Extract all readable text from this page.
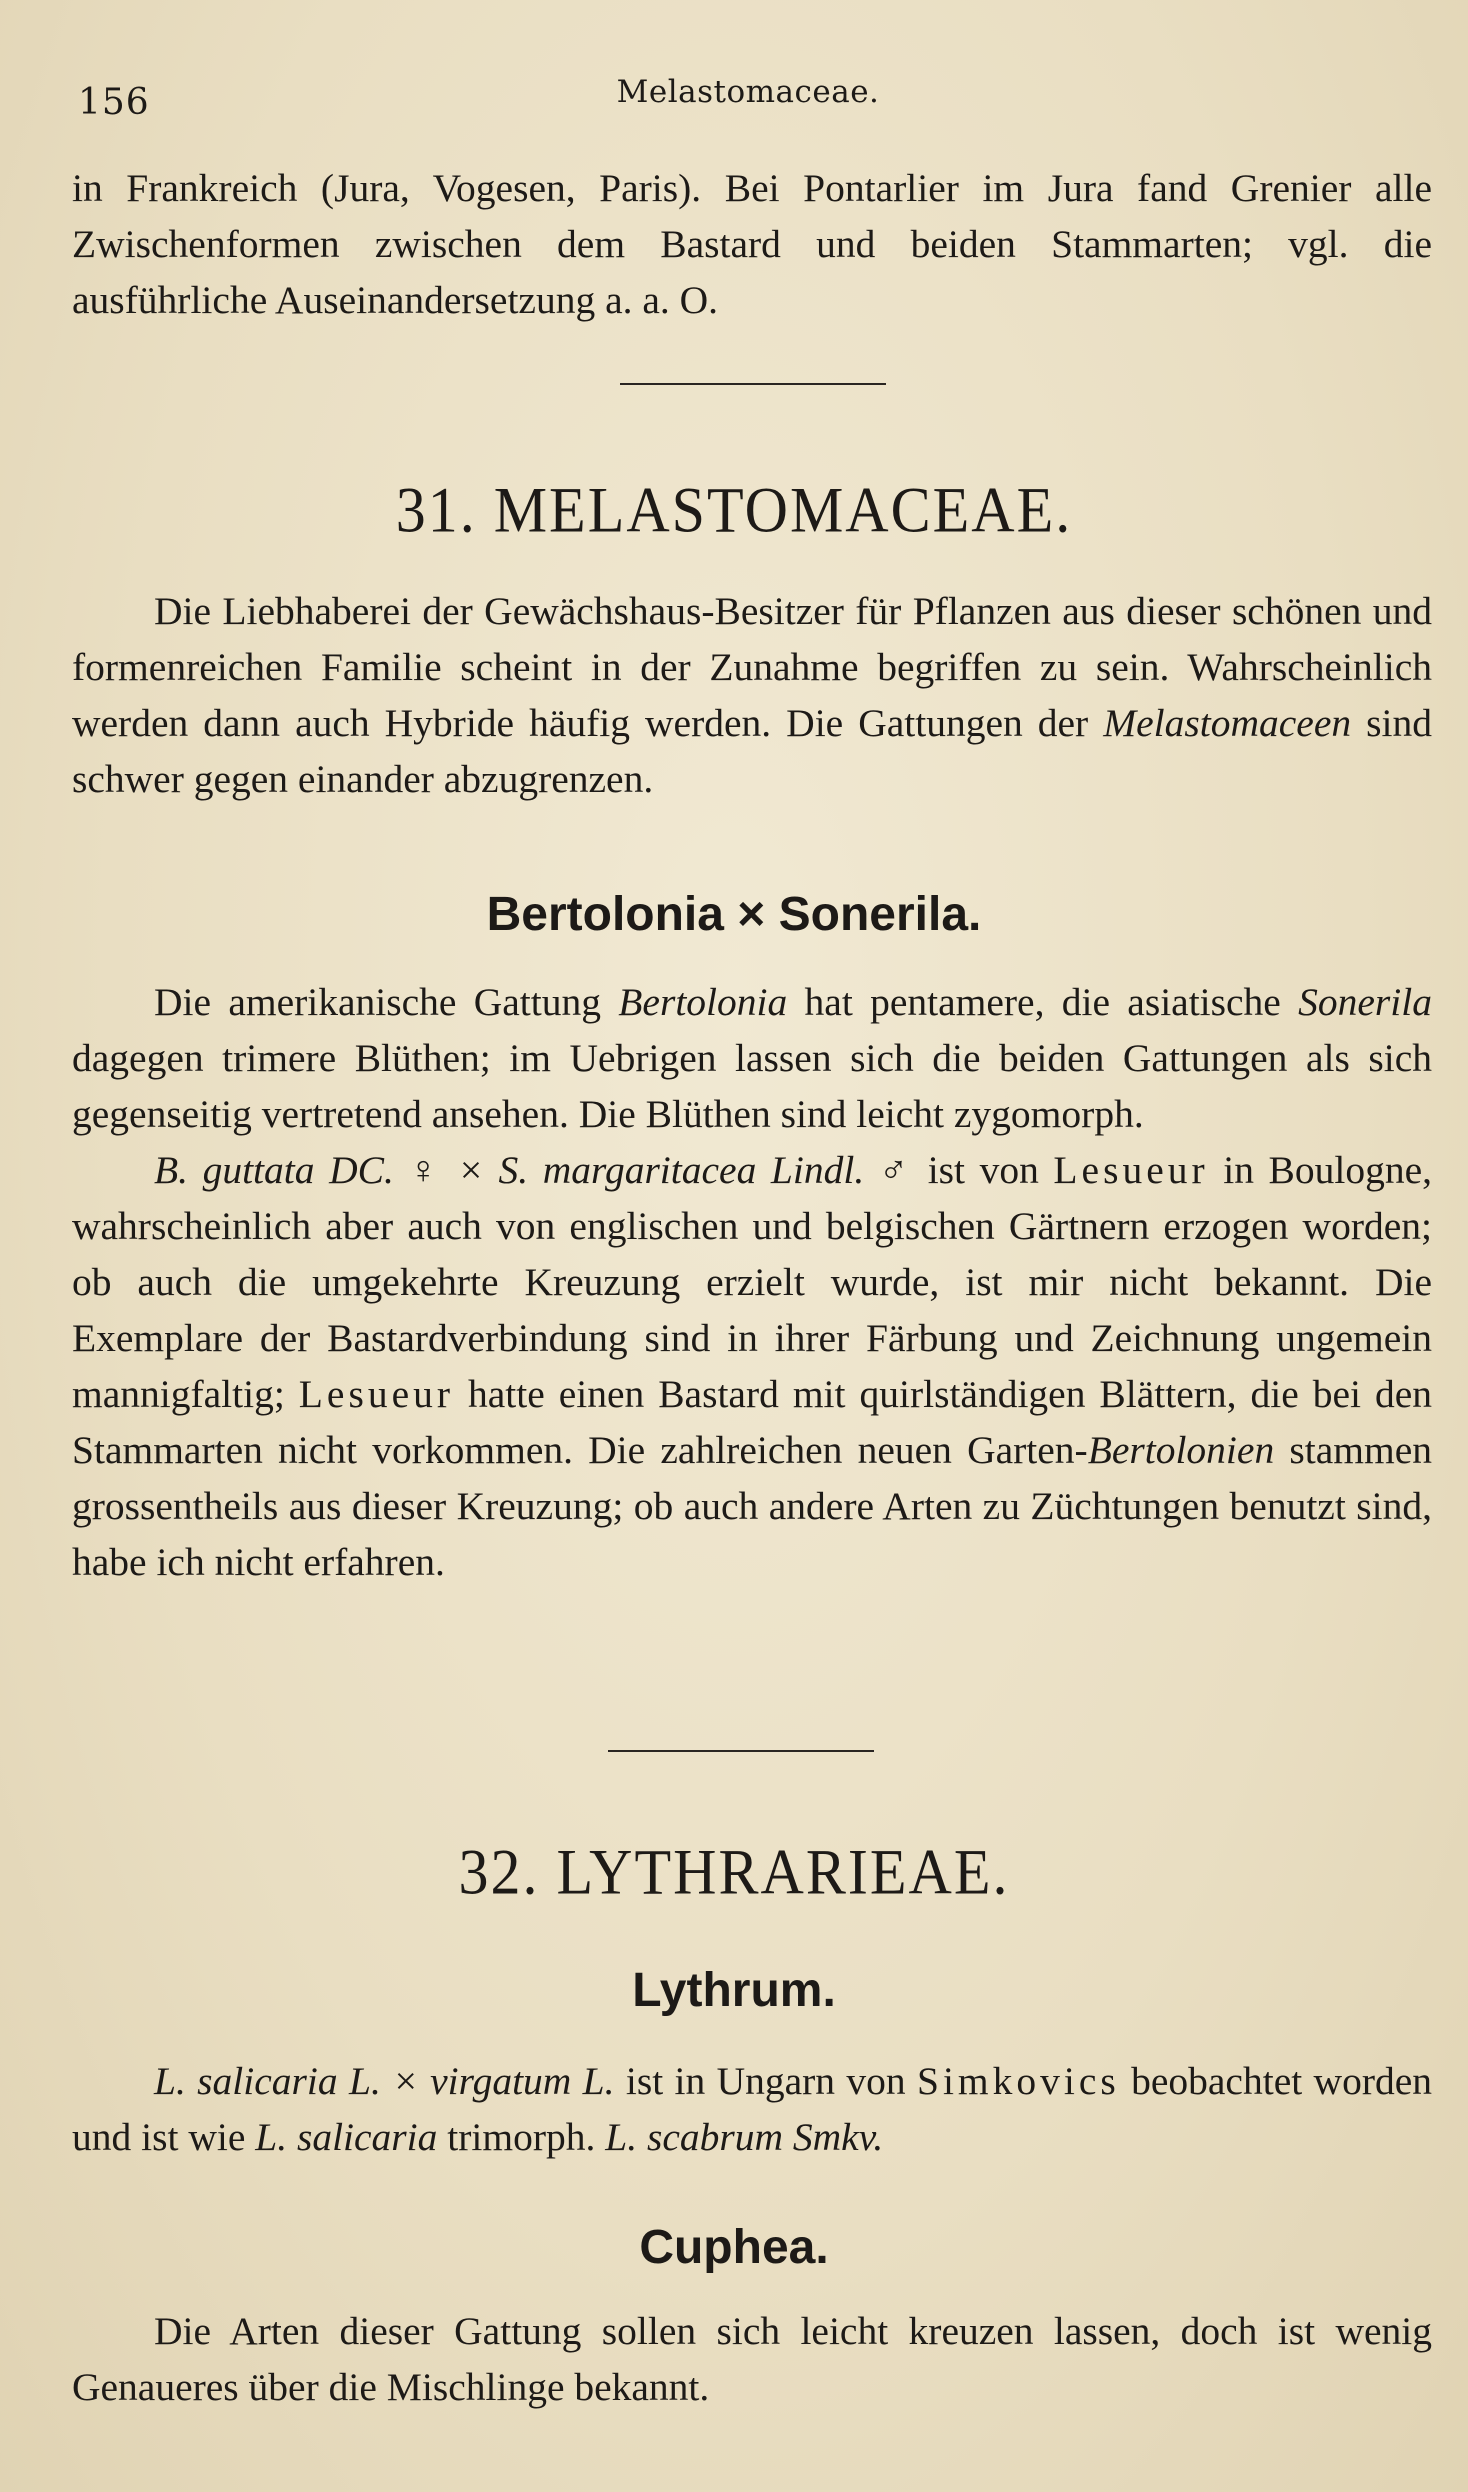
156	Melastomaceae.

in Frankreich (Jura, Vogesen, Paris). Bei Pontarlier im Jura fand Grenier alle Zwischenformen zwischen dem Bastard und beiden Stammarten; vgl. die ausführliche Auseinandersetzung a. a. O.

31. MELASTOMACEAE.

Die Liebhaberei der Gewächshaus-Besitzer für Pflanzen aus dieser schönen und formenreichen Familie scheint in der Zunahme begriffen zu sein. Wahrscheinlich werden dann auch Hybride häufig werden. Die Gattungen der Melastomaceen sind schwer gegen einander abzugrenzen.

Bertolonia × Sonerila.

Die amerikanische Gattung Bertolonia hat pentamere, die asiatische Sonerila dagegen trimere Blüthen; im Uebrigen lassen sich die beiden Gattungen als sich gegenseitig vertretend ansehen. Die Blüthen sind leicht zygomorph.

B. guttata DC. ♀ × S. margaritacea Lindl. ♂ ist von Lesueur in Boulogne, wahrscheinlich aber auch von englischen und belgischen Gärtnern erzogen worden; ob auch die umgekehrte Kreuzung erzielt wurde, ist mir nicht bekannt. Die Exemplare der Bastardverbindung sind in ihrer Färbung und Zeichnung ungemein mannigfaltig; Lesueur hatte einen Bastard mit quirlständigen Blättern, die bei den Stammarten nicht vorkommen. Die zahlreichen neuen Garten-Bertolonien stammen grossentheils aus dieser Kreuzung; ob auch andere Arten zu Züchtungen benutzt sind, habe ich nicht erfahren.

32. LYTHRARIEAE.
Lythrum.

L. salicaria L. × virgatum L. ist in Ungarn von Simkovics beobachtet worden und ist wie L. salicaria trimorph. L. scabrum Smkv.

Cuphea.

Die Arten dieser Gattung sollen sich leicht kreuzen lassen, doch ist wenig Genaueres über die Mischlinge bekannt.
